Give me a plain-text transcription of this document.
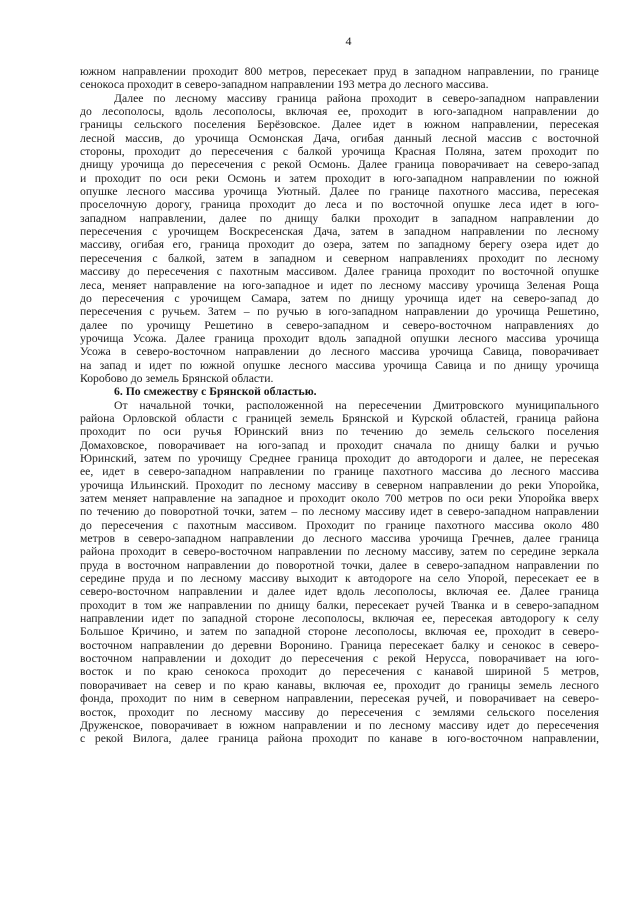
4
южном направлении проходит 800 метров, пересекает пруд в западном направлении, по границе
сенокоса проходит в северо-западном направлении 193 метра до лесного массива.
Далее по лесному массиву граница района проходит в северо-западном направлении
до лесополосы, вдоль лесополосы, включая ее, проходит в юго-западном направлении до
границы сельского поселения Берёзовское. Далее идет в южном направлении, пересекая
лесной массив, до урочища Осмонская Дача, огибая данный лесной массив с восточной
стороны, проходит до пересечения с балкой урочища Красная Поляна, затем проходит по
днищу урочища до пересечения с рекой Осмонь. Далее граница поворачивает на северо-запад
и проходит по оси реки Осмонь и затем проходит в юго-западном направлении по южной
опушке лесного массива урочища Уютный. Далее по границе пахотного массива, пересекая
проселочную дорогу, граница проходит до леса и по восточной опушке леса идет в юго-
западном направлении, далее по днищу балки проходит в западном направлении до
пересечения с урочищем Воскресенская Дача, затем в западном направлении по лесному
массиву, огибая его, граница проходит до озера, затем по западному берегу озера идет до
пересечения с балкой, затем в западном и северном направлениях проходит по лесному
массиву до пересечения с пахотным массивом. Далее граница проходит по восточной опушке
леса, меняет направление на юго-западное и идет по лесному массиву урочища Зеленая Роща
до пересечения с урочищем Самара, затем по днищу урочища идет на северо-запад до
пересечения с ручьем. Затем – по ручью в юго-западном направлении до урочища Решетино,
далее по урочищу Решетино в северо-западном и северо-восточном направлениях до
урочища Усожа. Далее граница проходит вдоль западной опушки лесного массива урочища
Усожа в северо-восточном направлении до лесного массива урочища Савица, поворачивает
на запад и идет по южной опушке лесного массива урочища Савица и по днищу урочища
Коробово до земель Брянской области.
6. По смежеству с Брянской областью.
От начальной точки, расположенной на пересечении Дмитровского муниципального
района Орловской области с границей земель Брянской и Курской областей, граница района
проходит по оси ручья Юринский вниз по течению до земель сельского поселения
Домаховское, поворачивает на юго-запад и проходит сначала по днищу балки и ручью
Юринский, затем по урочищу Среднее граница проходит до автодороги и далее, не пересекая
ее, идет в северо-западном направлении по границе пахотного массива до лесного массива
урочища Ильинский. Проходит по лесному массиву в северном направлении до реки Упоройка,
затем меняет направление на западное и проходит около 700 метров по оси реки Упоройка вверх
по течению до поворотной точки, затем – по лесному массиву идет в северо-западном направлении
до пересечения с пахотным массивом. Проходит по границе пахотного массива около 480
метров в северо-западном направлении до лесного массива урочища Гречнев, далее граница
района проходит в северо-восточном направлении по лесному массиву, затем по середине зеркала
пруда в восточном направлении до поворотной точки, далее в северо-западном направлении по
середине пруда и по лесному массиву выходит к автодороге на село Упорой, пересекает ее в
северо-восточном направлении и далее идет вдоль лесополосы, включая ее. Далее граница
проходит в том же направлении по днищу балки, пересекает ручей Тванка и в северо-западном
направлении идет по западной стороне лесополосы, включая ее, пересекая автодорогу к селу
Большое Кричино, и затем по западной стороне лесополосы, включая ее, проходит в северо-
восточном направлении до деревни Воронино. Граница пересекает балку и сенокос в северо-
восточном направлении и доходит до пересечения с рекой Нерусса, поворачивает на юго-
восток и по краю сенокоса проходит до пересечения с канавой шириной 5 метров,
поворачивает на север и по краю канавы, включая ее, проходит до границы земель лесного
фонда, проходит по ним в северном направлении, пересекая ручей, и поворачивает на северо-
восток, проходит по лесному массиву до пересечения с землями сельского поселения
Друженское, поворачивает в южном направлении и по лесному массиву идет до пересечения
с рекой Вилога, далее граница района проходит по канаве в юго-восточном направлении,
